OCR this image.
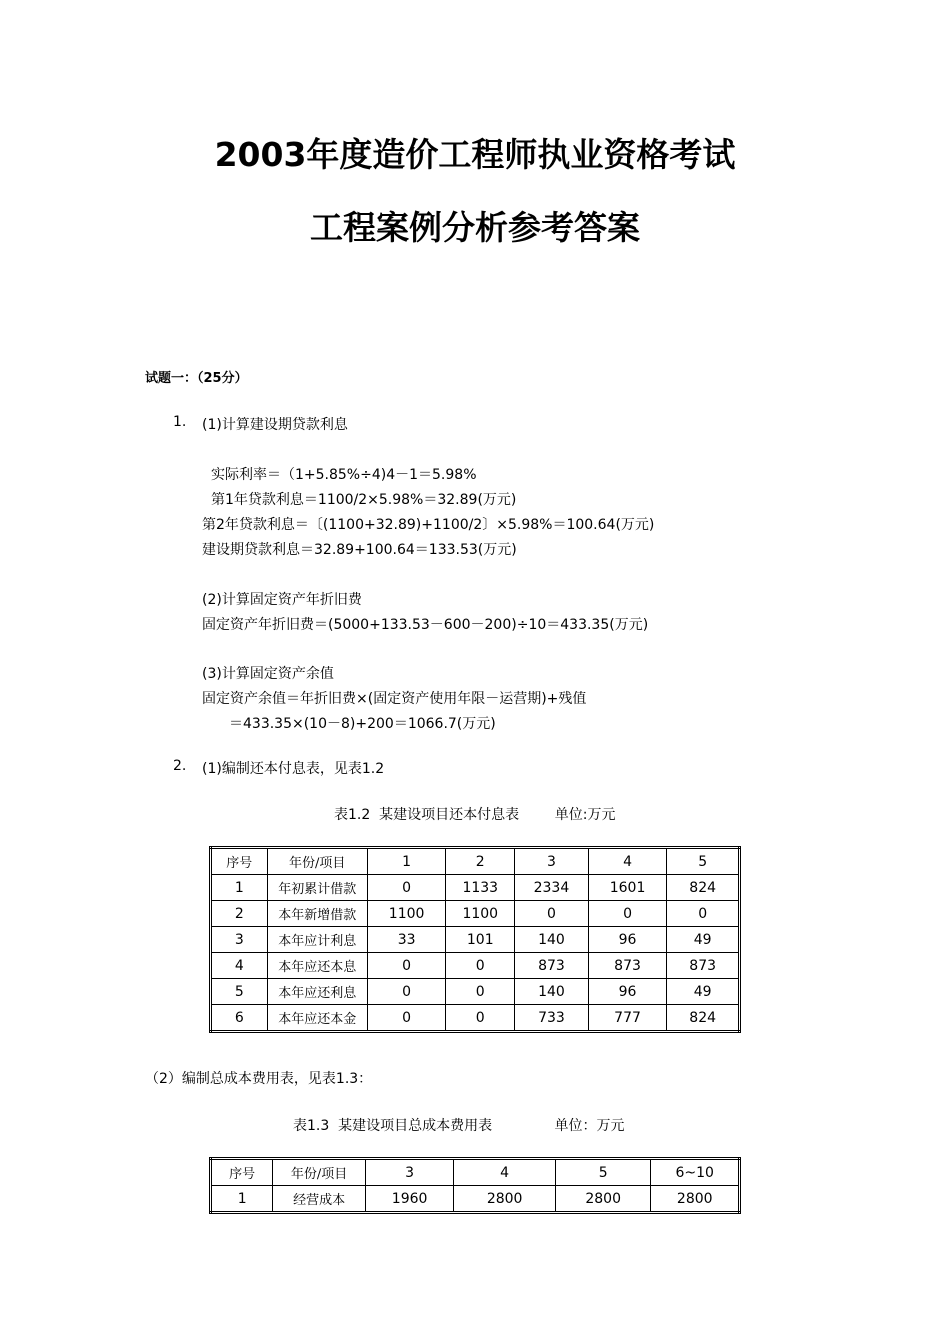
2003年度造价工程师执业资格考试
工程案例分析参考答案
试题一：（25分）
1. (1)计算建设期贷款利息
实际利率＝（1+5.85%÷4)4－1＝5.98%
第1年贷款利息＝1100/2×5.98%＝32.89(万元)
第2年贷款利息＝〔(1100+32.89)+1100/2〕×5.98%＝100.64(万元)
建设期贷款利息＝32.89+100.64＝133.53(万元)
(2)计算固定资产年折旧费
固定资产年折旧费＝(5000+133.53－600－200)÷10＝433.35(万元)
(3)计算固定资产余值
固定资产余值＝年折旧费×(固定资产使用年限－运营期)+残值
＝433.35×(10－8)+200＝1066.7(万元)
2. (1)编制还本付息表，见表1.2
表1.2  某建设项目还本付息表        单位:万元
序号	年份/项目	1	2	3	4	5
1	年初累计借款	0	1133	2334	1601	824
2	本年新增借款	1100	1100	0	0	0
3	本年应计利息	33	101	140	96	49
4	本年应还本息	0	0	873	873	873
5	本年应还利息	0	0	140	96	49
6	本年应还本金	0	0	733	777	824
（2）编制总成本费用表，见表1.3：
表1.3  某建设项目总成本费用表              单位：万元
序号	年份/项目	3	4	5	6~10
1	经营成本	1960	2800	2800	2800
